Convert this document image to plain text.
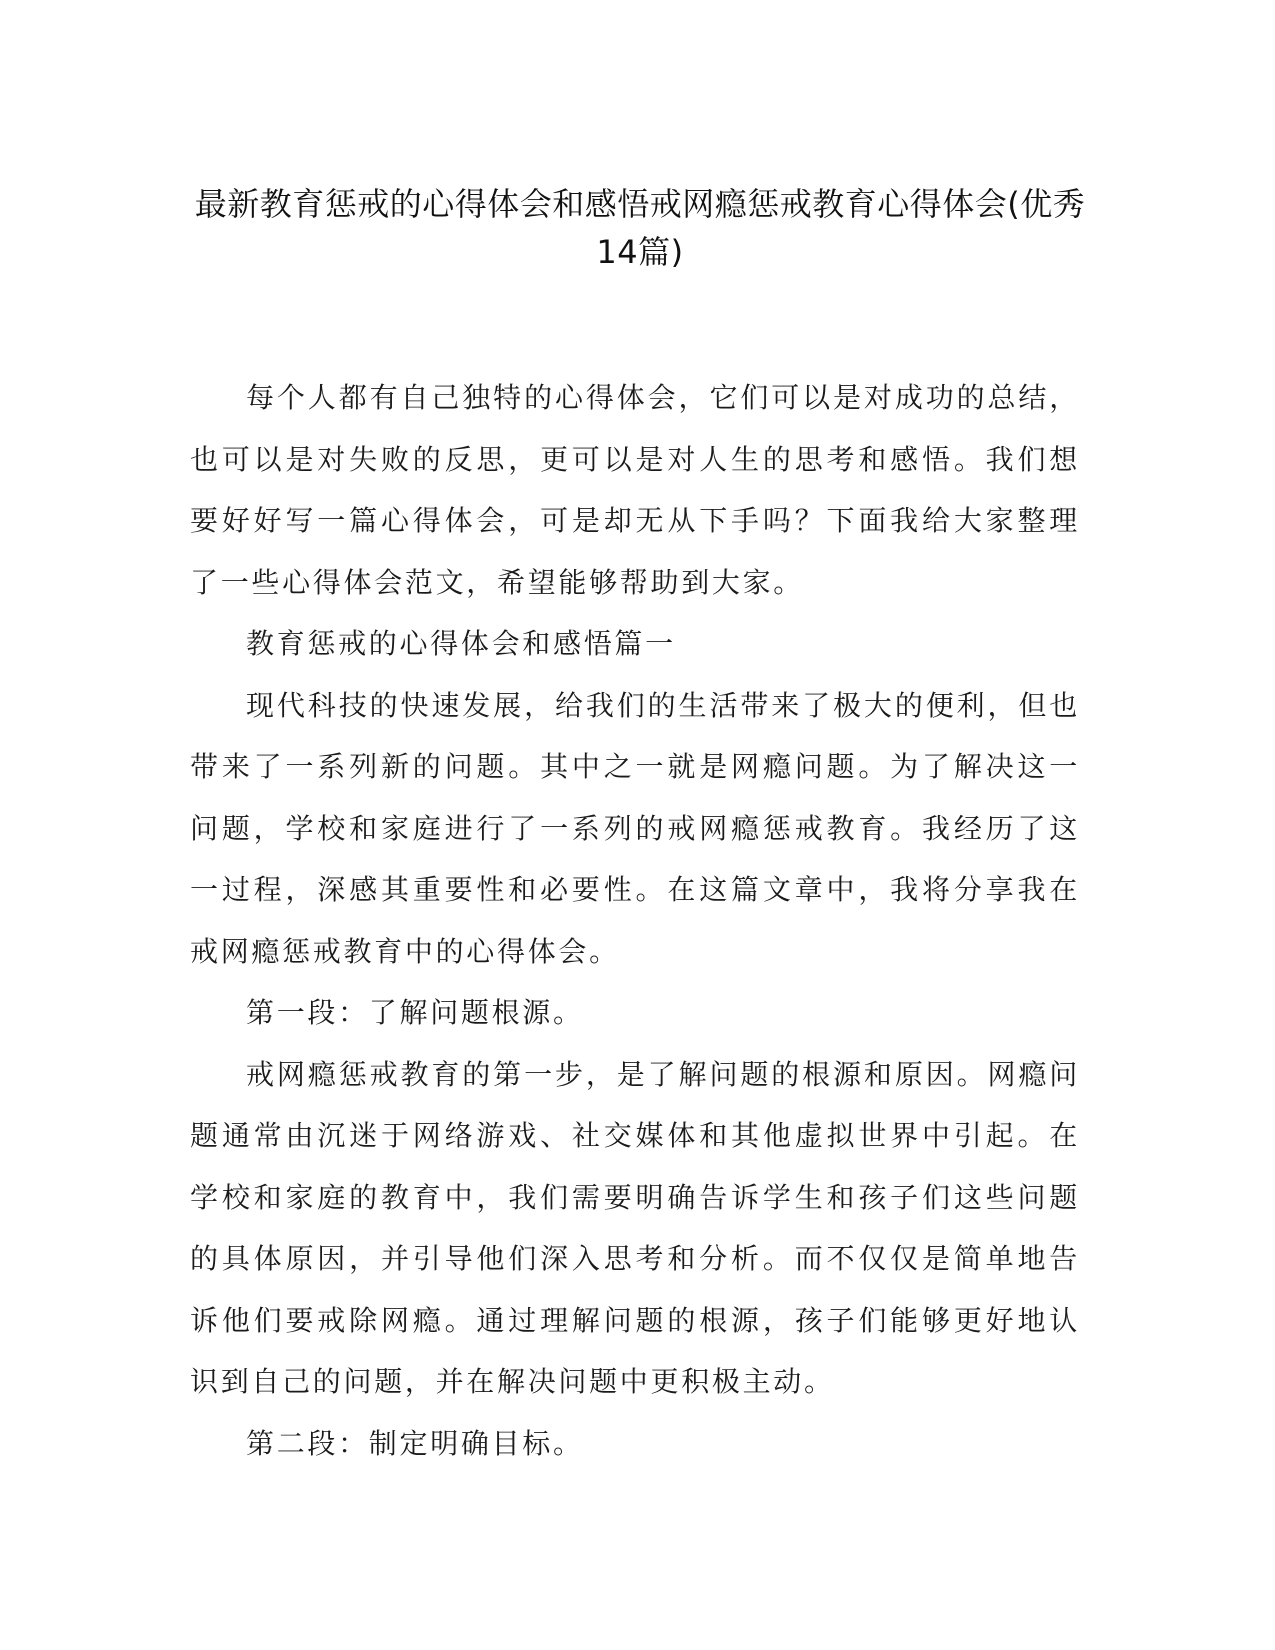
最新教育惩戒的心得体会和感悟戒网瘾惩戒教育心得体会(优秀14篇)

每个人都有自己独特的心得体会，它们可以是对成功的总结，也可以是对失败的反思，更可以是对人生的思考和感悟。我们想要好好写一篇心得体会，可是却无从下手吗？下面我给大家整理了一些心得体会范文，希望能够帮助到大家。

教育惩戒的心得体会和感悟篇一

现代科技的快速发展，给我们的生活带来了极大的便利，但也带来了一系列新的问题。其中之一就是网瘾问题。为了解决这一问题，学校和家庭进行了一系列的戒网瘾惩戒教育。我经历了这一过程，深感其重要性和必要性。在这篇文章中，我将分享我在戒网瘾惩戒教育中的心得体会。

第一段：了解问题根源。

戒网瘾惩戒教育的第一步，是了解问题的根源和原因。网瘾问题通常由沉迷于网络游戏、社交媒体和其他虚拟世界中引起。在学校和家庭的教育中，我们需要明确告诉学生和孩子们这些问题的具体原因，并引导他们深入思考和分析。而不仅仅是简单地告诉他们要戒除网瘾。通过理解问题的根源，孩子们能够更好地认识到自己的问题，并在解决问题中更积极主动。

第二段：制定明确目标。
